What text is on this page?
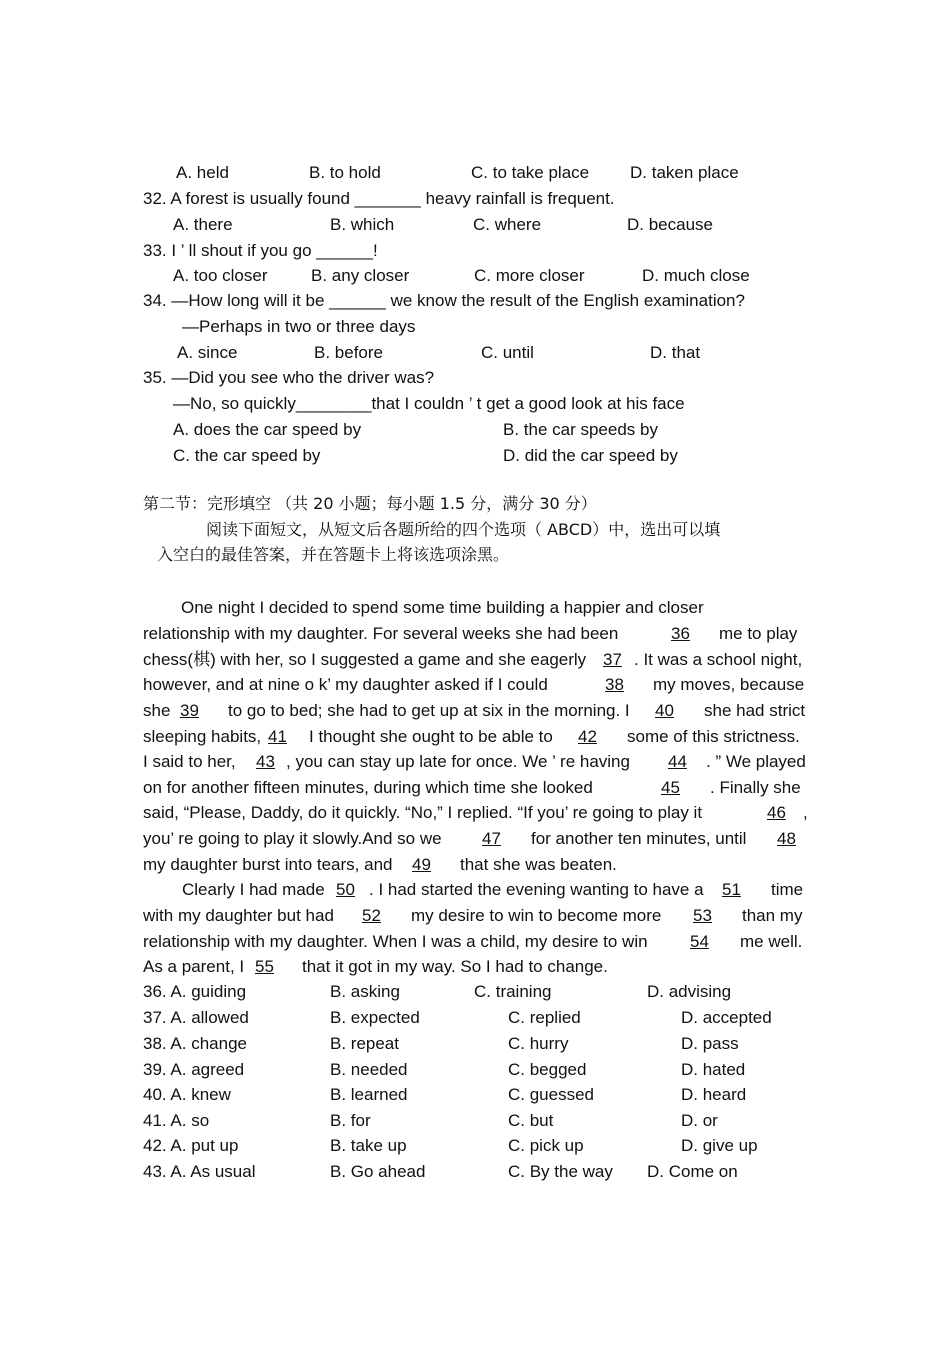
A. held	B. to hold	C. to take place D. taken place
32. A forest is usually found _______ heavy rainfall is frequent.
A. there	B. which	C. where	D. because
33. I ’ ll shout if you go ______!
A. too closer	B. any closer	C. more closer	D. much close
34. —How long will it be ______ we know the result of the English examination?
—Perhaps in two or three days
A. since	B. before	C. until	D. that
35. —Did you see who the driver was?
—No, so quickly________that I couldn ’ t get a good look at his face
A. does the car speed by	B. the car speeds by
C. the car speed by	D. did the car speed by
第二节：完形填空 （共 20 小题；每小题 1.5 分，满分 30 分）
阅读下面短文，从短文后各题所给的四个选项（ ABCD）中，选出可以填
入空白的最佳答案，并在答题卡上将该选项涂黑。
One night I decided to spend some time building a happier and closer
relationship with my daughter. For several weeks she had been	36 me to play
chess(棋) with her, so I suggested a game and she eagerly 37 . It was a school night,
however, and at nine o k’ my daughter asked if I could	38 my moves, because
she 39 to go to bed; she had to get up at six in the morning. I 40 she had strict
sleeping habits, 41 I thought she ought to be able to 42 some of this strictness.
I said to her, 43 , you can stay up late for once. We ’ re having 44 . ” We played
on for another fifteen minutes, during which time she looked	45 . Finally she
said, “Please, Daddy, do it quickly. “No,” I replied. “If you’ re going to play it	46 ,
you’ re going to play it slowly.And so we 47 for another ten minutes, until 48
my daughter burst into tears, and 49 that she was beaten.
Clearly I had made 50 . I had started the evening wanting to have a 51 time
with my daughter but had 52 my desire to win to become more 53 than my
relationship with my daughter. When I was a child, my desire to win 54 me well.
As a parent, I 55 that it got in my way. So I had to change.
36. A. guiding	B. asking	C. training	D. advising
37. A. allowed	B. expected	C. replied	D. accepted
38. A. change	B. repeat	C. hurry	D. pass
39. A. agreed	B. needed	C. begged	D. hated
40. A. knew	B. learned	C. guessed	D. heard
41. A. so	B. for	C. but	D. or
42. A. put up	B. take up	C. pick up	D. give up
43. A. As usual	B. Go ahead	C. By the way D. Come on
